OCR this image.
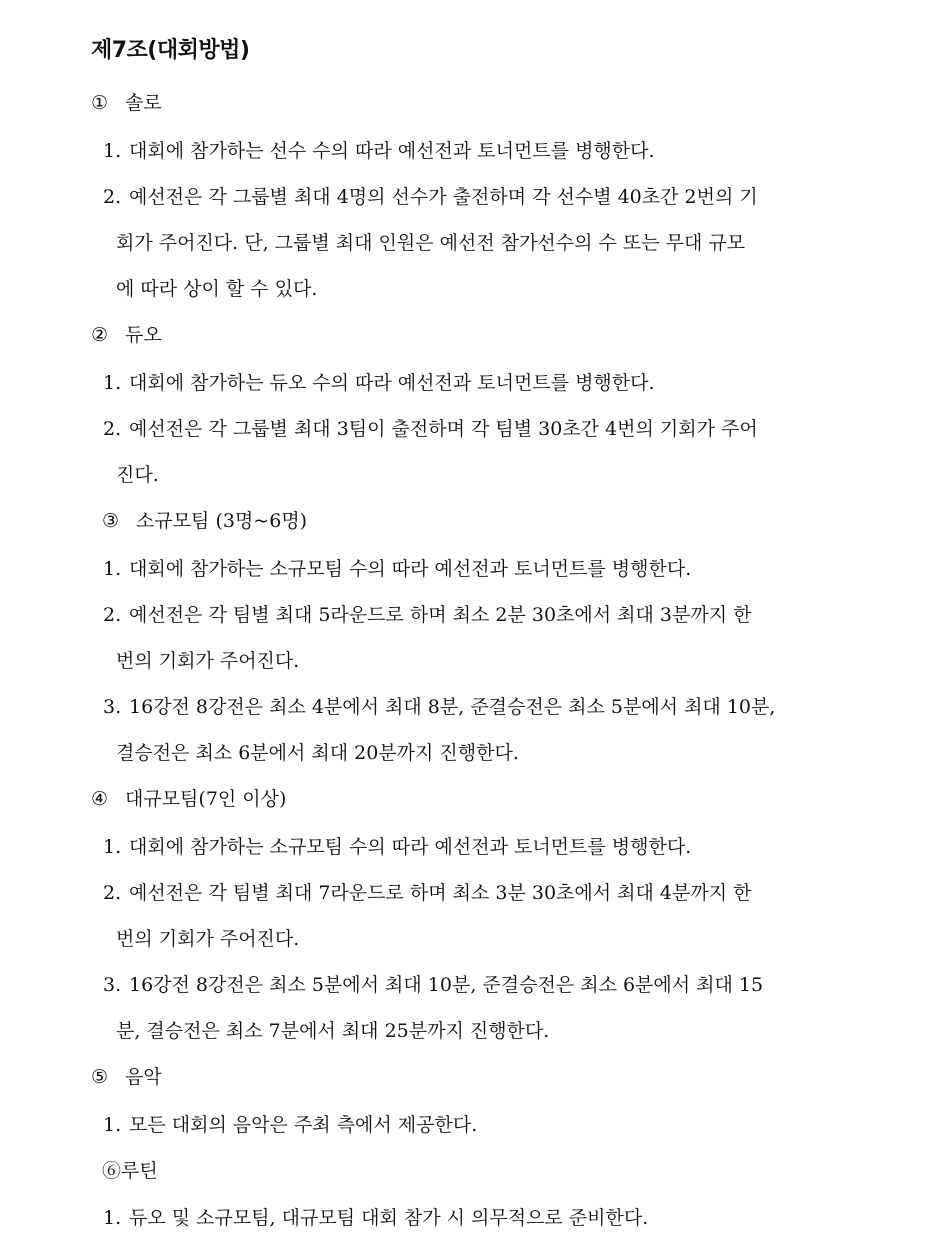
제7조(대회방법)
① 솔로
1. 대회에 참가하는 선수 수의 따라 예선전과 토너먼트를 병행한다.
2. 예선전은 각 그룹별 최대 4명의 선수가 출전하며 각 선수별 40초간 2번의 기
회가 주어진다. 단, 그룹별 최대 인원은 예선전 참가선수의 수 또는 무대 규모
에 따라 상이 할 수 있다.
② 듀오
1. 대회에 참가하는 듀오 수의 따라 예선전과 토너먼트를 병행한다.
2. 예선전은 각 그룹별 최대 3팀이 출전하며 각 팀별 30초간 4번의 기회가 주어
진다.
③ 소규모팀 (3명~6명)
1. 대회에 참가하는 소규모팀 수의 따라 예선전과 토너먼트를 병행한다.
2. 예선전은 각 팀별 최대 5라운드로 하며 최소 2분 30초에서 최대 3분까지 한
번의 기회가 주어진다.
3. 16강전 8강전은 최소 4분에서 최대 8분, 준결승전은 최소 5분에서 최대 10분,
결승전은 최소 6분에서 최대 20분까지 진행한다.
④ 대규모팀(7인 이상)
1. 대회에 참가하는 소규모팀 수의 따라 예선전과 토너먼트를 병행한다.
2. 예선전은 각 팀별 최대 7라운드로 하며 최소 3분 30초에서 최대 4분까지 한
번의 기회가 주어진다.
3. 16강전 8강전은 최소 5분에서 최대 10분, 준결승전은 최소 6분에서 최대 15
분, 결승전은 최소 7분에서 최대 25분까지 진행한다.
⑤ 음악
1. 모든 대회의 음악은 주최 측에서 제공한다.
⑥루틴
1. 듀오 및 소규모팀, 대규모팀 대회 참가 시 의무적으로 준비한다.
